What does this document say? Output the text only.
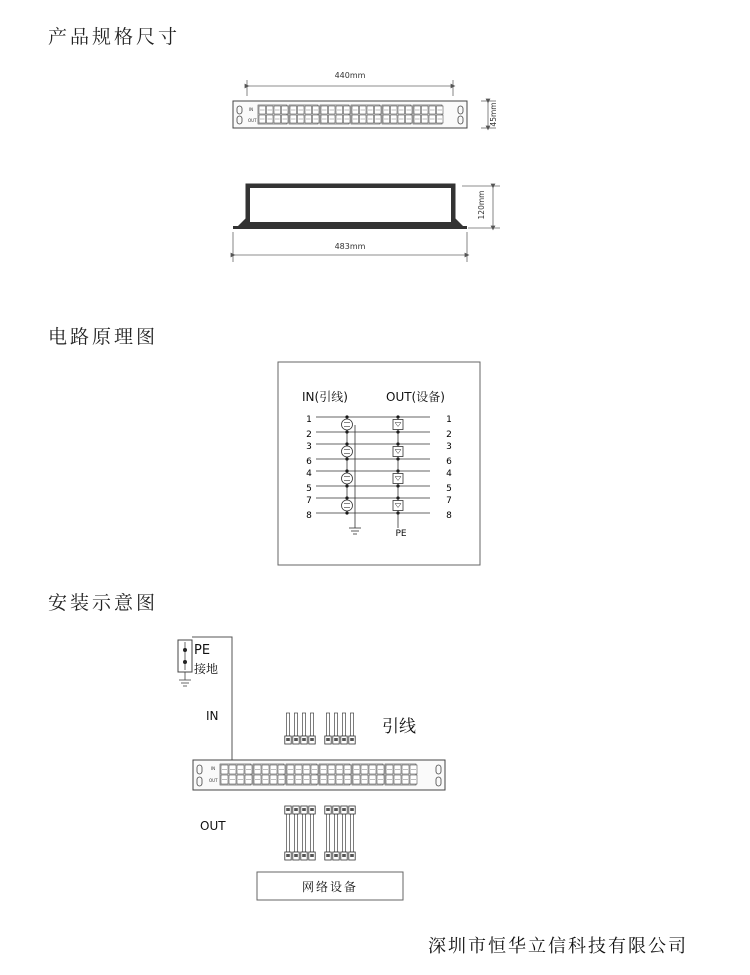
产品规格尺寸
电路原理图
安装示意图
440mm
IN
OUT	45mm
120mm
483mm
IN(引线)	OUT(设备)
1
2
3
6
4
5
7
8
1
2
3
6
4
5
7
8
PE
PE
接地
IN
引线
IN
OUT
OUT
网络设备
深圳市恒华立信科技有限公司
